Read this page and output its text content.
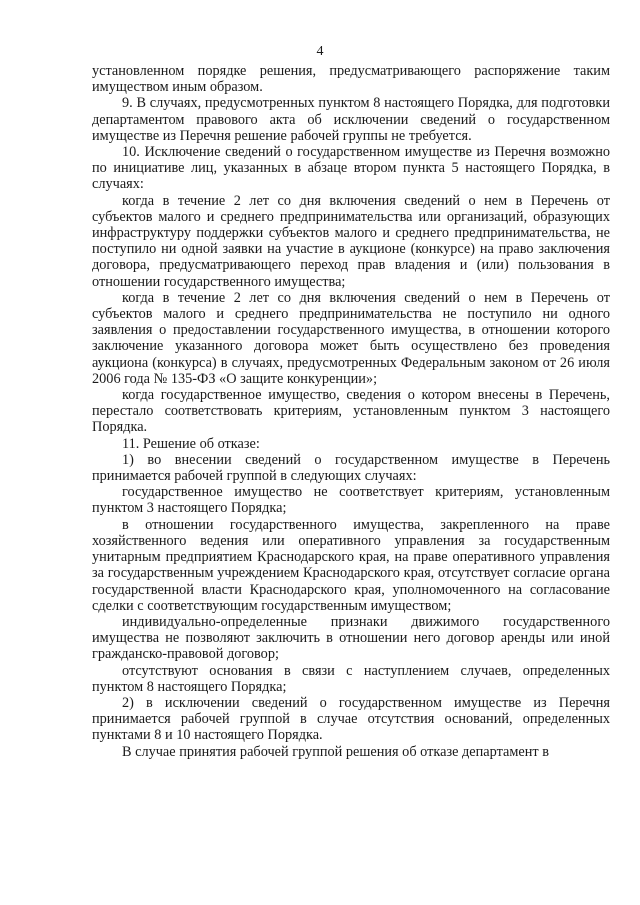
4

установленном порядке решения, предусматривающего распоряжение таким имуществом иным образом.

9. В случаях, предусмотренных пунктом 8 настоящего Порядка, для подготовки департаментом правового акта об исключении сведений о государственном имуществе из Перечня решение рабочей группы не требуется.

10. Исключение сведений о государственном имуществе из Перечня возможно по инициативе лиц, указанных в абзаце втором пункта 5 настоящего Порядка, в случаях:

когда в течение 2 лет со дня включения сведений о нем в Перечень от субъектов малого и среднего предпринимательства или организаций, образующих инфраструктуру поддержки субъектов малого и среднего предпринимательства, не поступило ни одной заявки на участие в аукционе (конкурсе) на право заключения договора, предусматривающего переход прав владения и (или) пользования в отношении государственного имущества;

когда в течение 2 лет со дня включения сведений о нем в Перечень от субъектов малого и среднего предпринимательства не поступило ни одного заявления о предоставлении государственного имущества, в отношении которого заключение указанного договора может быть осуществлено без проведения аукциона (конкурса) в случаях, предусмотренных Федеральным законом от 26 июля 2006 года № 135-ФЗ «О защите конкуренции»;

когда государственное имущество, сведения о котором внесены в Перечень, перестало соответствовать критериям, установленным пунктом 3 настоящего Порядка.

11. Решение об отказе:

1) во внесении сведений о государственном имуществе в Перечень принимается рабочей группой в следующих случаях:

государственное имущество не соответствует критериям, установленным пунктом 3 настоящего Порядка;

в отношении государственного имущества, закрепленного на праве хозяйственного ведения или оперативного управления за государственным унитарным предприятием Краснодарского края, на праве оперативного управления за государственным учреждением Краснодарского края, отсутствует согласие органа государственной власти Краснодарского края, уполномоченного на согласование сделки с соответствующим государственным имуществом;

индивидуально-определенные признаки движимого государственного имущества не позволяют заключить в отношении него договор аренды или иной гражданско-правовой договор;

отсутствуют основания в связи с наступлением случаев, определенных пунктом 8 настоящего Порядка;

2) в исключении сведений о государственном имуществе из Перечня принимается рабочей группой в случае отсутствия оснований, определенных пунктами 8 и 10 настоящего Порядка.

В случае принятия рабочей группой решения об отказе департамент в
